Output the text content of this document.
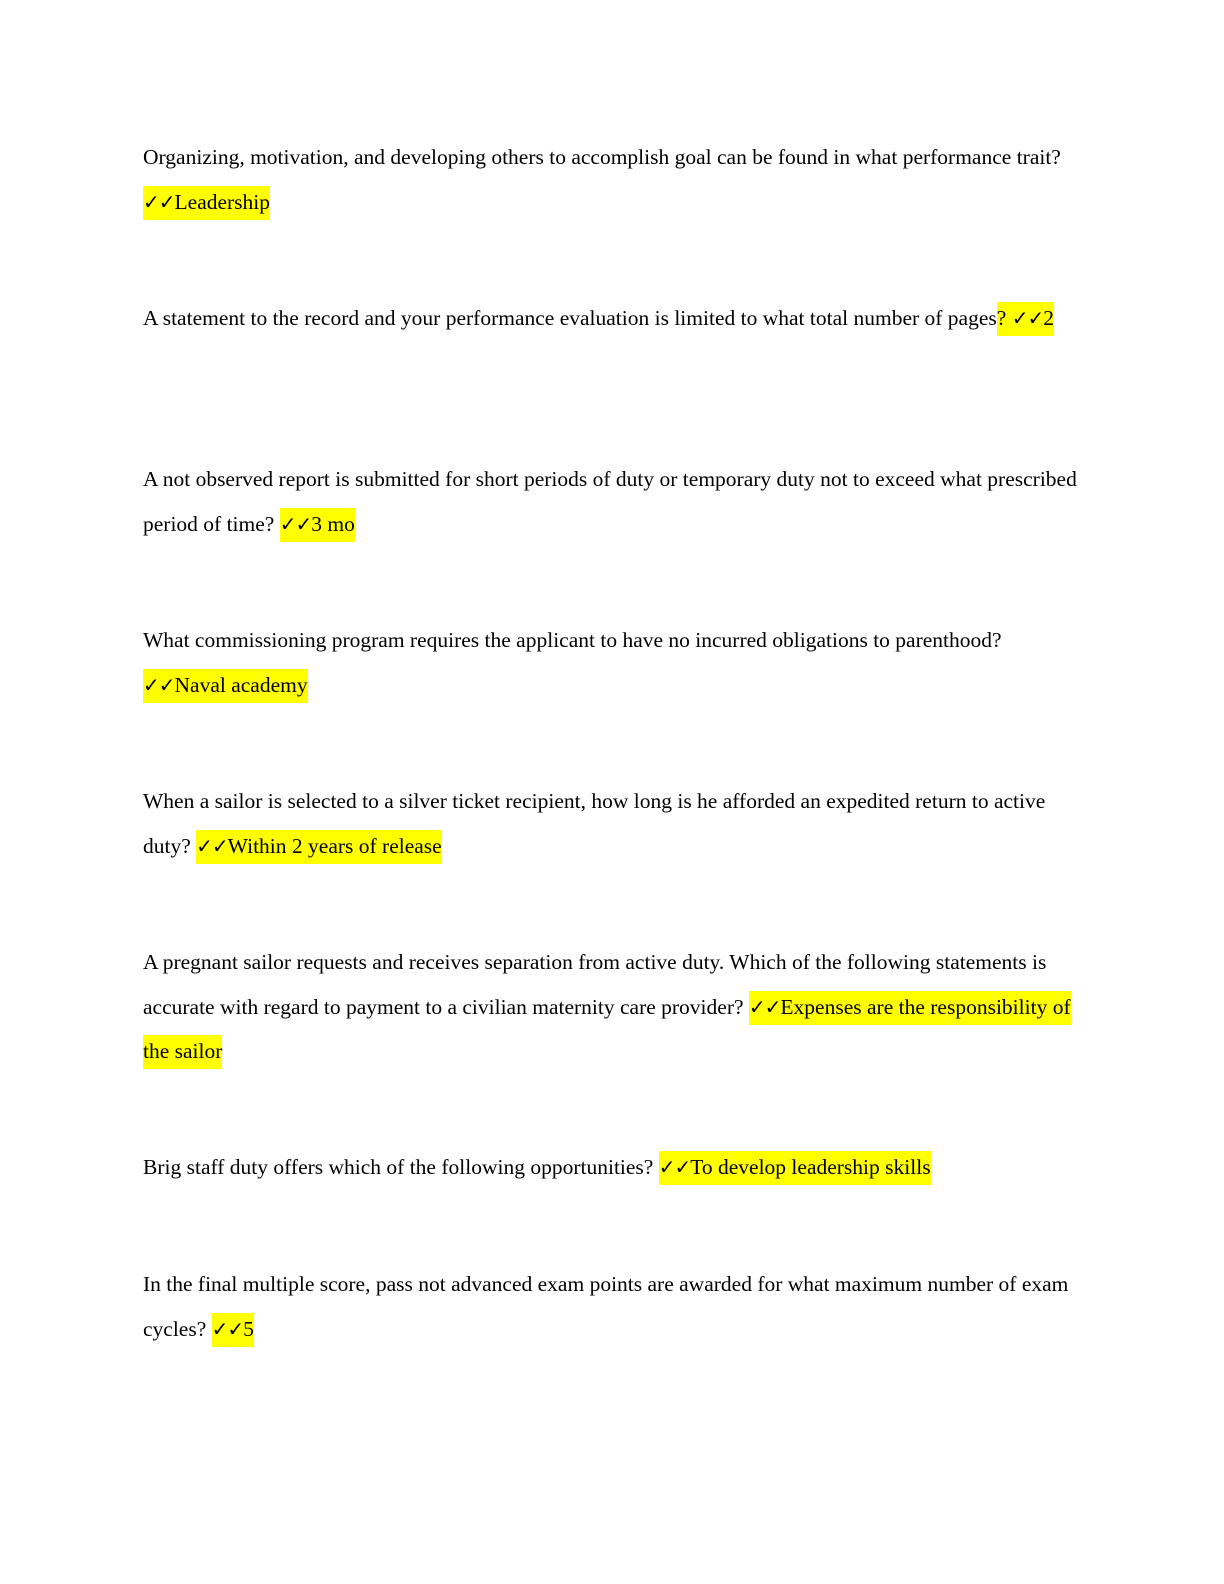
Organizing, motivation, and developing others to accomplish goal can be found in what performance trait? ✓✓Leadership

A statement to the record and your performance evaluation is limited to what total number of pages? ✓✓2

A not observed report is submitted for short periods of duty or temporary duty not to exceed what prescribed period of time? ✓✓3 mo

What commissioning program requires the applicant to have no incurred obligations to parenthood? ✓✓Naval academy

When a sailor is selected to a silver ticket recipient, how long is he afforded an expedited return to active duty? ✓✓Within 2 years of release

A pregnant sailor requests and receives separation from active duty. Which of the following statements is accurate with regard to payment to a civilian maternity care provider? ✓✓Expenses are the responsibility of the sailor

Brig staff duty offers which of the following opportunities? ✓✓To develop leadership skills

In the final multiple score, pass not advanced exam points are awarded for what maximum number of exam cycles? ✓✓5
